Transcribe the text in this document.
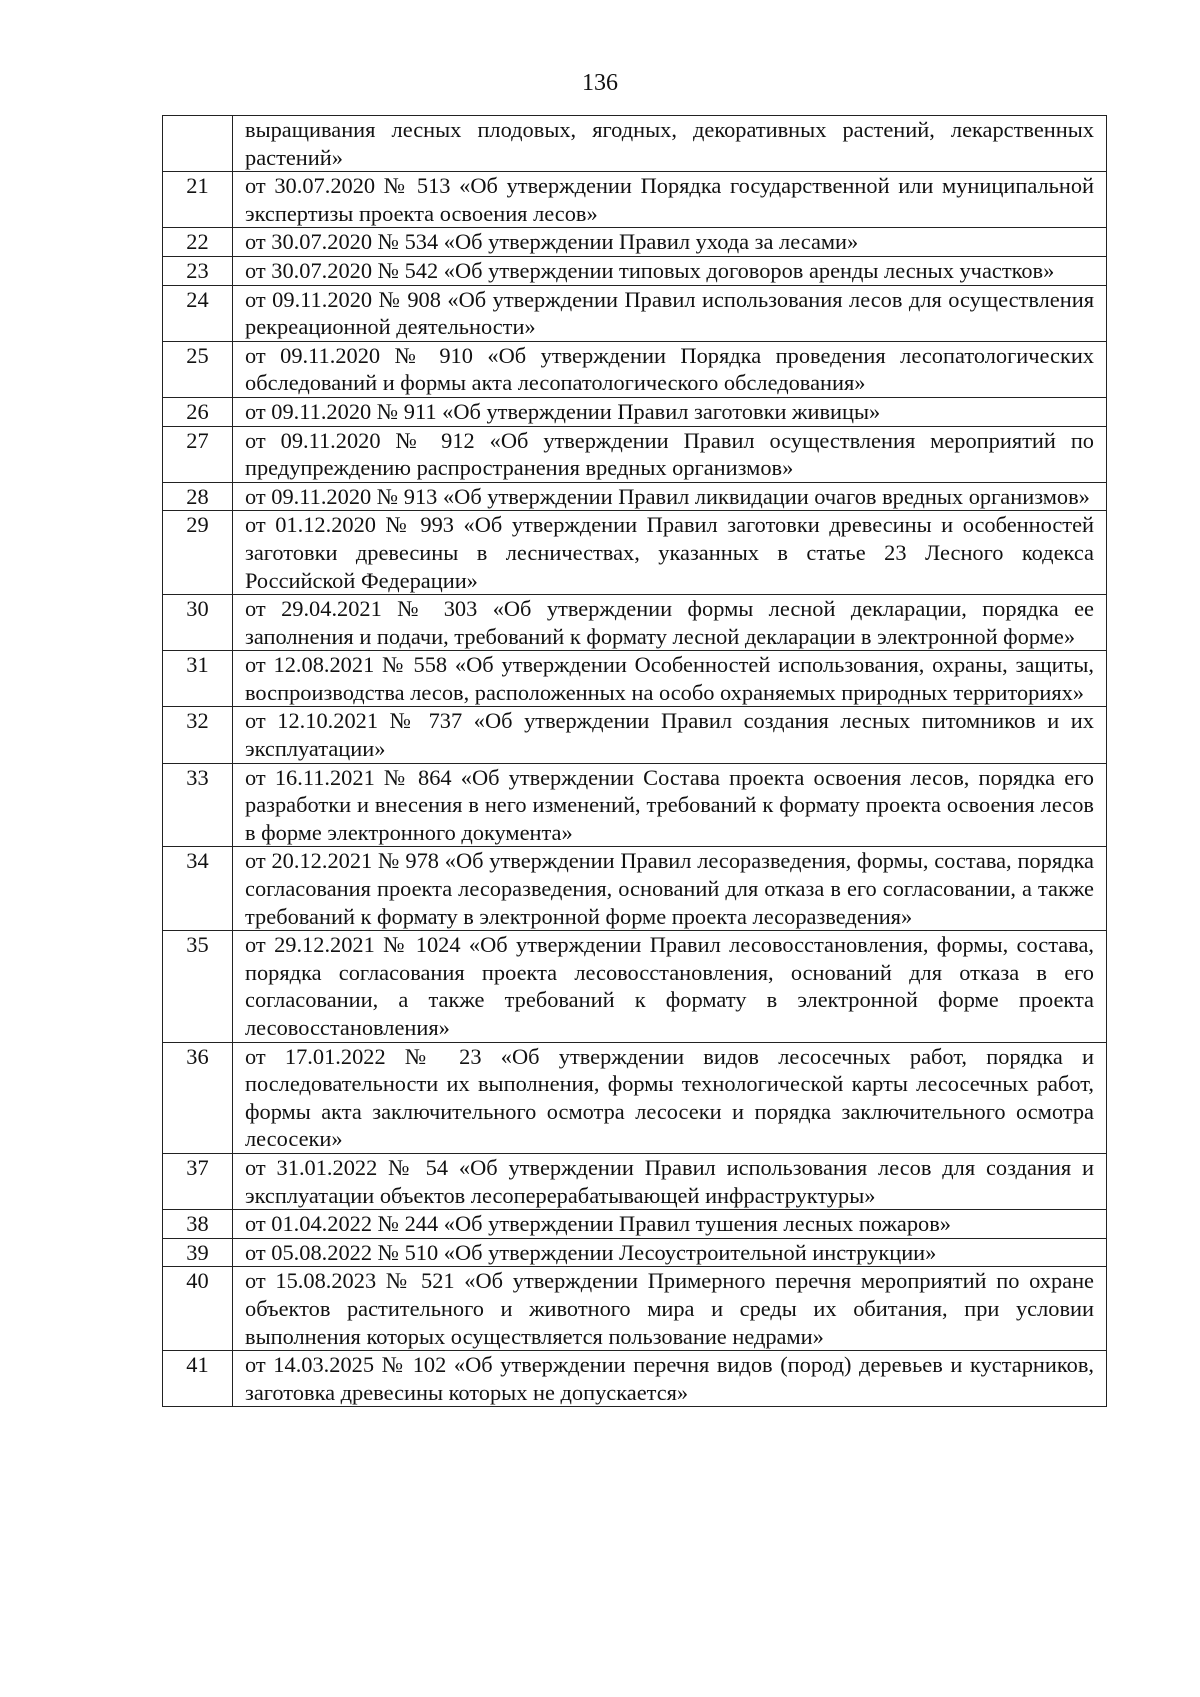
136
	выращивания лесных плодовых, ягодных, декоративных растений, лекарственных растений»
21	от 30.07.2020 № 513 «Об утверждении Порядка государственной или муниципальной экспертизы проекта освоения лесов»
22	от 30.07.2020 № 534 «Об утверждении Правил ухода за лесами»
23	от 30.07.2020 № 542 «Об утверждении типовых договоров аренды лесных участков»
24	от 09.11.2020 № 908 «Об утверждении Правил использования лесов для осуществления рекреационной деятельности»
25	от 09.11.2020 № 910 «Об утверждении Порядка проведения лесопатологических обследований и формы акта лесопатологического обследования»
26	от 09.11.2020 № 911 «Об утверждении Правил заготовки живицы»
27	от 09.11.2020 № 912 «Об утверждении Правил осуществления мероприятий по предупреждению распространения вредных организмов»
28	от 09.11.2020 № 913 «Об утверждении Правил ликвидации очагов вредных организмов»
29	от 01.12.2020 № 993 «Об утверждении Правил заготовки древесины и особенностей заготовки древесины в лесничествах, указанных в статье 23 Лесного кодекса Российской Федерации»
30	от 29.04.2021 № 303 «Об утверждении формы лесной декларации, порядка ее заполнения и подачи, требований к формату лесной декларации в электронной форме»
31	от 12.08.2021 № 558 «Об утверждении Особенностей использования, охраны, защиты, воспроизводства лесов, расположенных на особо охраняемых природных территориях»
32	от 12.10.2021 № 737 «Об утверждении Правил создания лесных питомников и их эксплуатации»
33	от 16.11.2021 № 864 «Об утверждении Состава проекта освоения лесов, порядка его разработки и внесения в него изменений, требований к формату проекта освоения лесов в форме электронного документа»
34	от 20.12.2021 № 978 «Об утверждении Правил лесоразведения, формы, состава, порядка согласования проекта лесоразведения, оснований для отказа в его согласовании, а также требований к формату в электронной форме проекта лесоразведения»
35	от 29.12.2021 № 1024 «Об утверждении Правил лесовосстановления, формы, состава, порядка согласования проекта лесовосстановления, оснований для отказа в его согласовании, а также требований к формату в электронной форме проекта лесовосстановления»
36	от 17.01.2022 № 23 «Об утверждении видов лесосечных работ, порядка и последовательности их выполнения, формы технологической карты лесосечных работ, формы акта заключительного осмотра лесосеки и порядка заключительного осмотра лесосеки»
37	от 31.01.2022 № 54 «Об утверждении Правил использования лесов для создания и эксплуатации объектов лесоперерабатывающей инфраструктуры»
38	от 01.04.2022 № 244 «Об утверждении Правил тушения лесных пожаров»
39	от 05.08.2022 № 510 «Об утверждении Лесоустроительной инструкции»
40	от 15.08.2023 № 521 «Об утверждении Примерного перечня мероприятий по охране объектов растительного и животного мира и среды их обитания, при условии выполнения которых осуществляется пользование недрами»
41	от 14.03.2025 № 102 «Об утверждении перечня видов (пород) деревьев и кустарников, заготовка древесины которых не допускается»
